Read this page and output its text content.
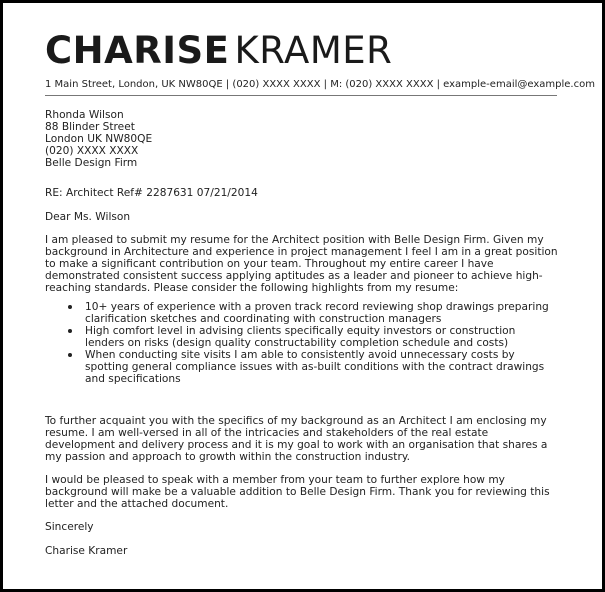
CHARISE KRAMER
1 Main Street, London, UK NW80QE | (020) XXXX XXXX | M: (020) XXXX XXXX | example-email@example.com
Rhonda Wilson
88 Blinder Street
London UK NW80QE
(020) XXXX XXXX
Belle Design Firm
RE: Architect Ref# 2287631 07/21/2014
Dear Ms. Wilson
I am pleased to submit my resume for the Architect position with Belle Design Firm. Given my background in Architecture and experience in project management I feel I am in a great position to make a significant contribution on your team. Throughout my entire career I have demonstrated consistent success applying aptitudes as a leader and pioneer to achieve high-reaching standards. Please consider the following highlights from my resume:
10+ years of experience with a proven track record reviewing shop drawings preparing clarification sketches and coordinating with construction managers
High comfort level in advising clients specifically equity investors or construction lenders on risks (design quality constructability completion schedule and costs)
When conducting site visits I am able to consistently avoid unnecessary costs by spotting general compliance issues with as-built conditions with the contract drawings and specifications
To further acquaint you with the specifics of my background as an Architect I am enclosing my resume. I am well-versed in all of the intricacies and stakeholders of the real estate development and delivery process and it is my goal to work with an organisation that shares a my passion and approach to growth within the construction industry.
I would be pleased to speak with a member from your team to further explore how my background will make be a valuable addition to Belle Design Firm. Thank you for reviewing this letter and the attached document.
Sincerely
Charise Kramer
